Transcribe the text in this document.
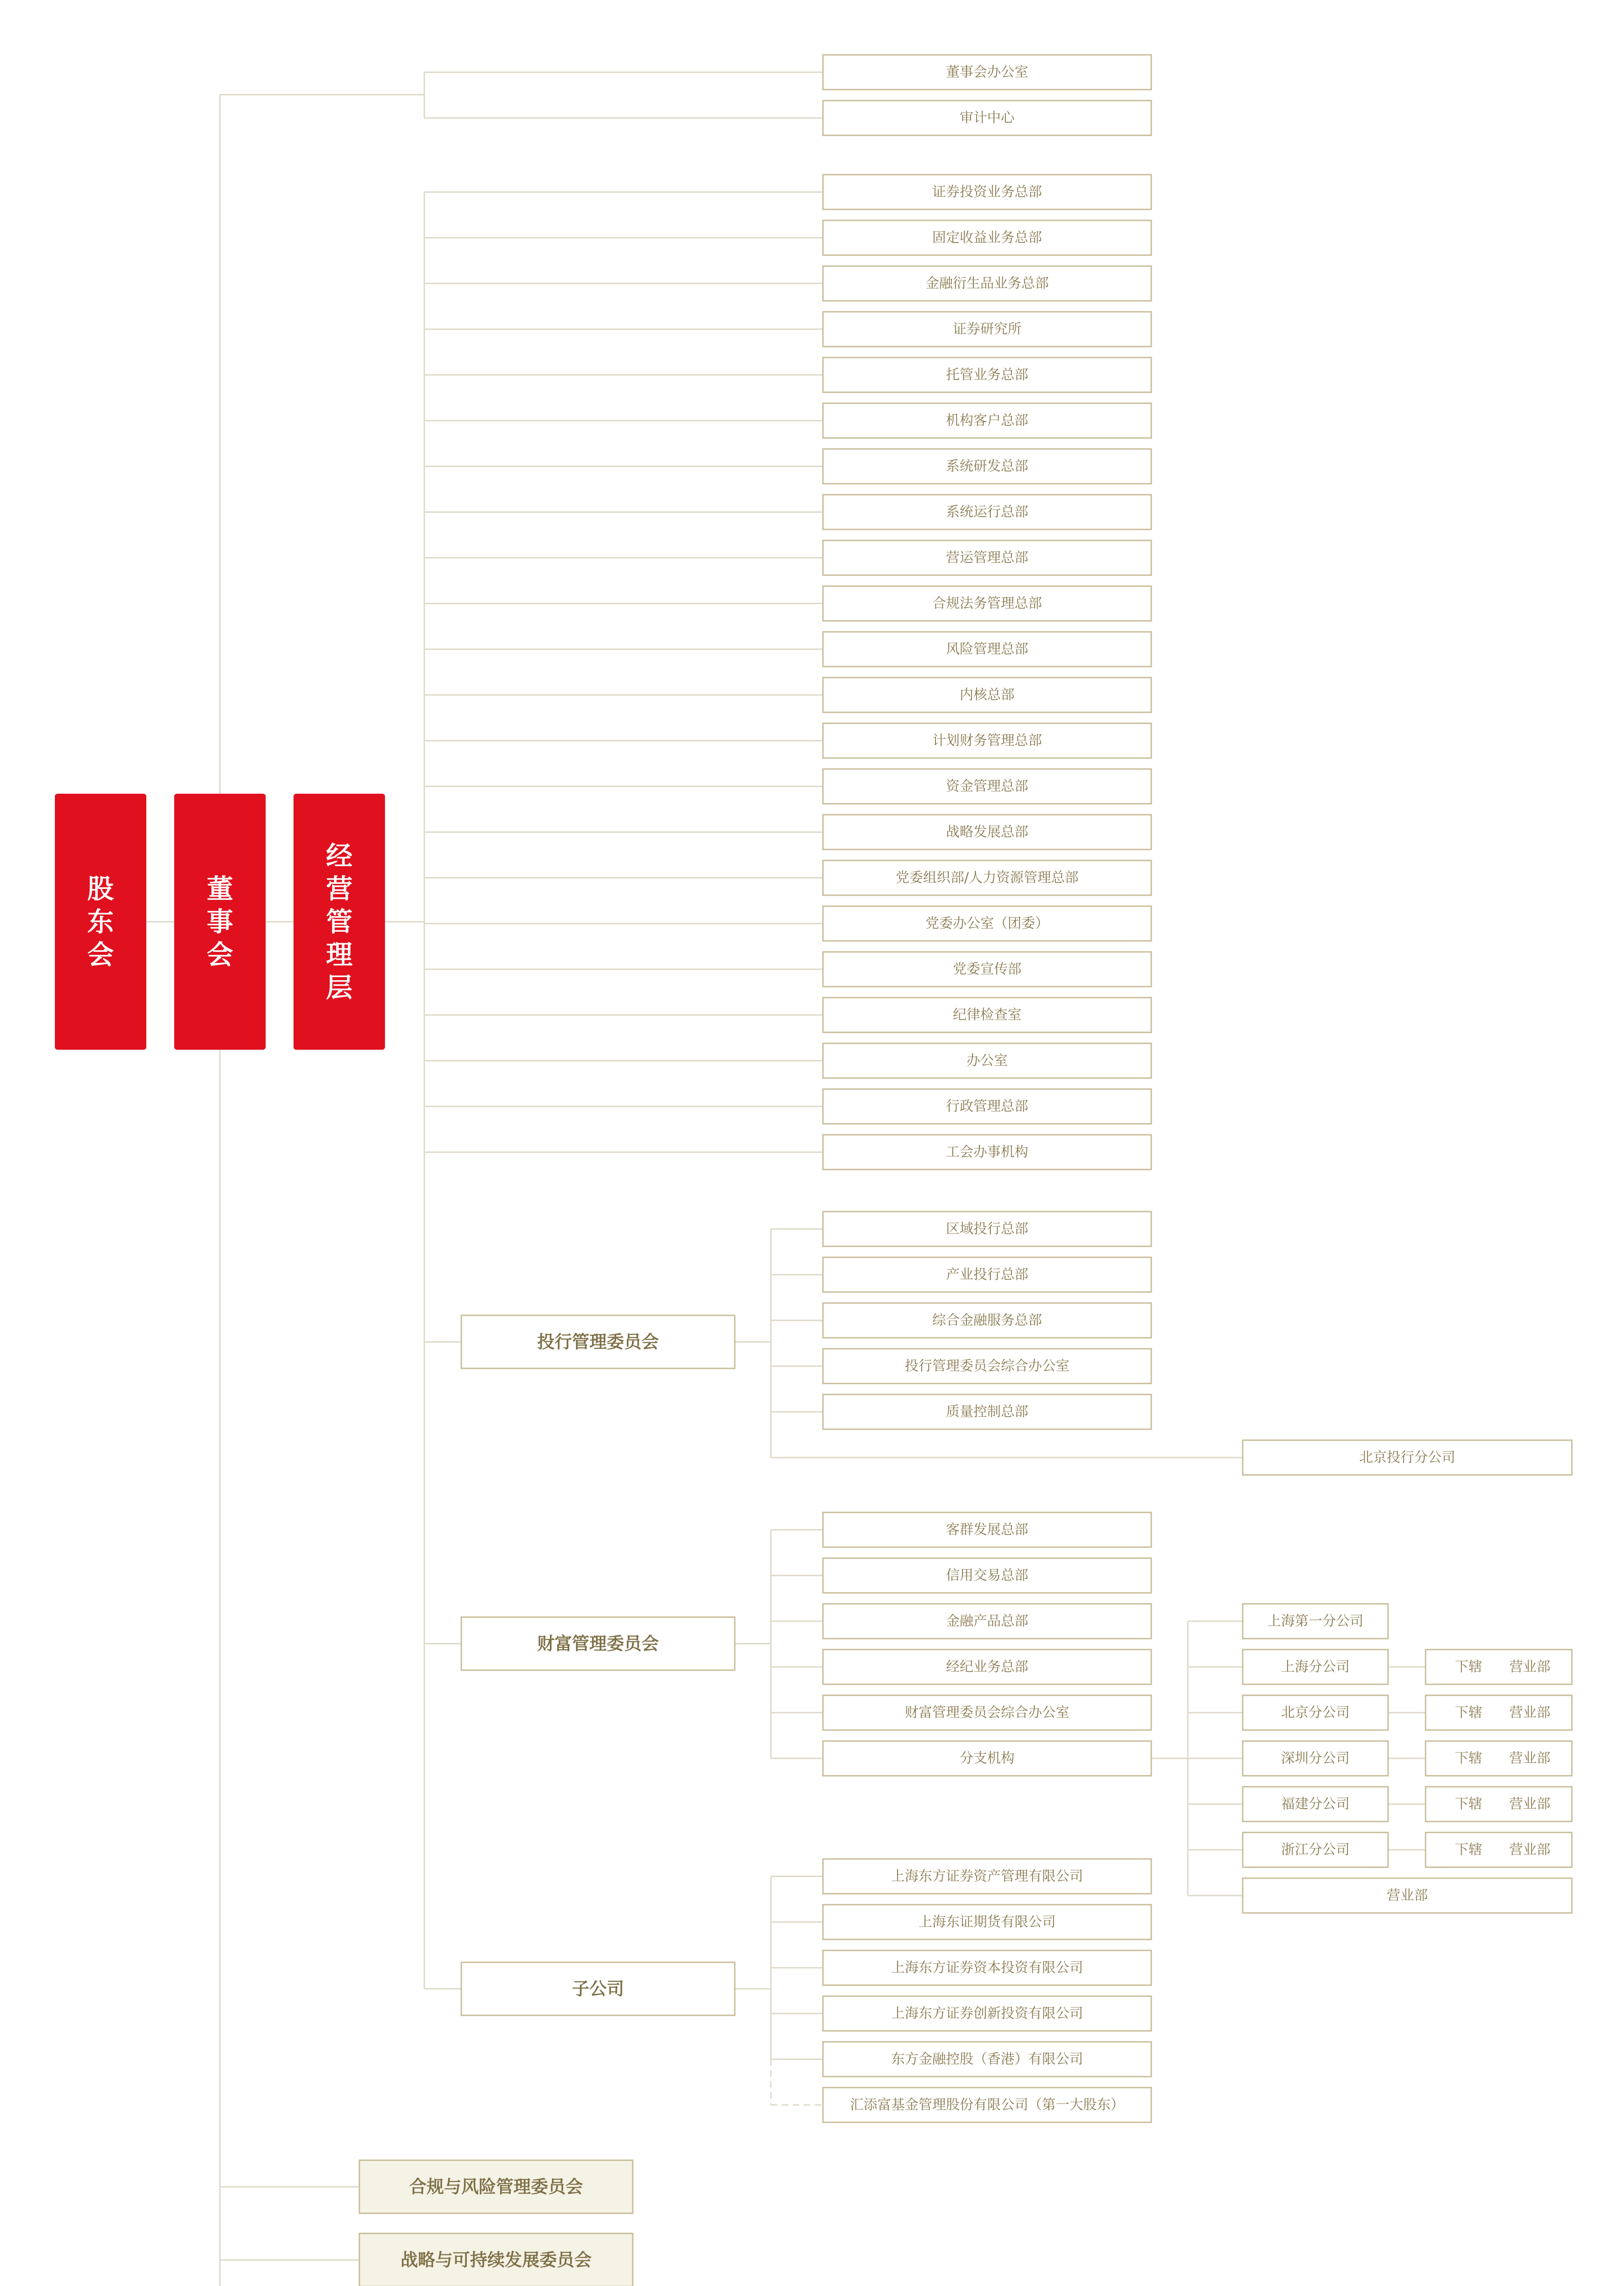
股
东
会
董
事
会
经
营
管
理
层
董事会办公室
审计中心
证券投资业务总部
固定收益业务总部
金融衍生品业务总部
证券研究所
托管业务总部
机构客户总部
系统研发总部
系统运行总部
营运管理总部
合规法务管理总部
风险管理总部
内核总部
计划财务管理总部
资金管理总部
战略发展总部
党委组织部/人力资源管理总部
党委办公室（团委）
党委宣传部
纪律检查室
办公室
行政管理总部
工会办事机构
投行管理委员会
区域投行总部
产业投行总部
综合金融服务总部
投行管理委员会综合办公室
质量控制总部
北京投行分公司
财富管理委员会
客群发展总部
信用交易总部
金融产品总部
经纪业务总部
财富管理委员会综合办公室
分支机构
上海第一分公司
上海分公司	下辖 营业部
北京分公司	下辖 营业部
深圳分公司	下辖 营业部
福建分公司	下辖 营业部
浙江分公司	下辖 营业部
营业部
子公司
上海东方证券资产管理有限公司
上海东证期货有限公司
上海东方证券资本投资有限公司
上海东方证券创新投资有限公司
东方金融控股（香港）有限公司
汇添富基金管理股份有限公司（第一大股东）
合规与风险管理委员会
战略与可持续发展委员会
